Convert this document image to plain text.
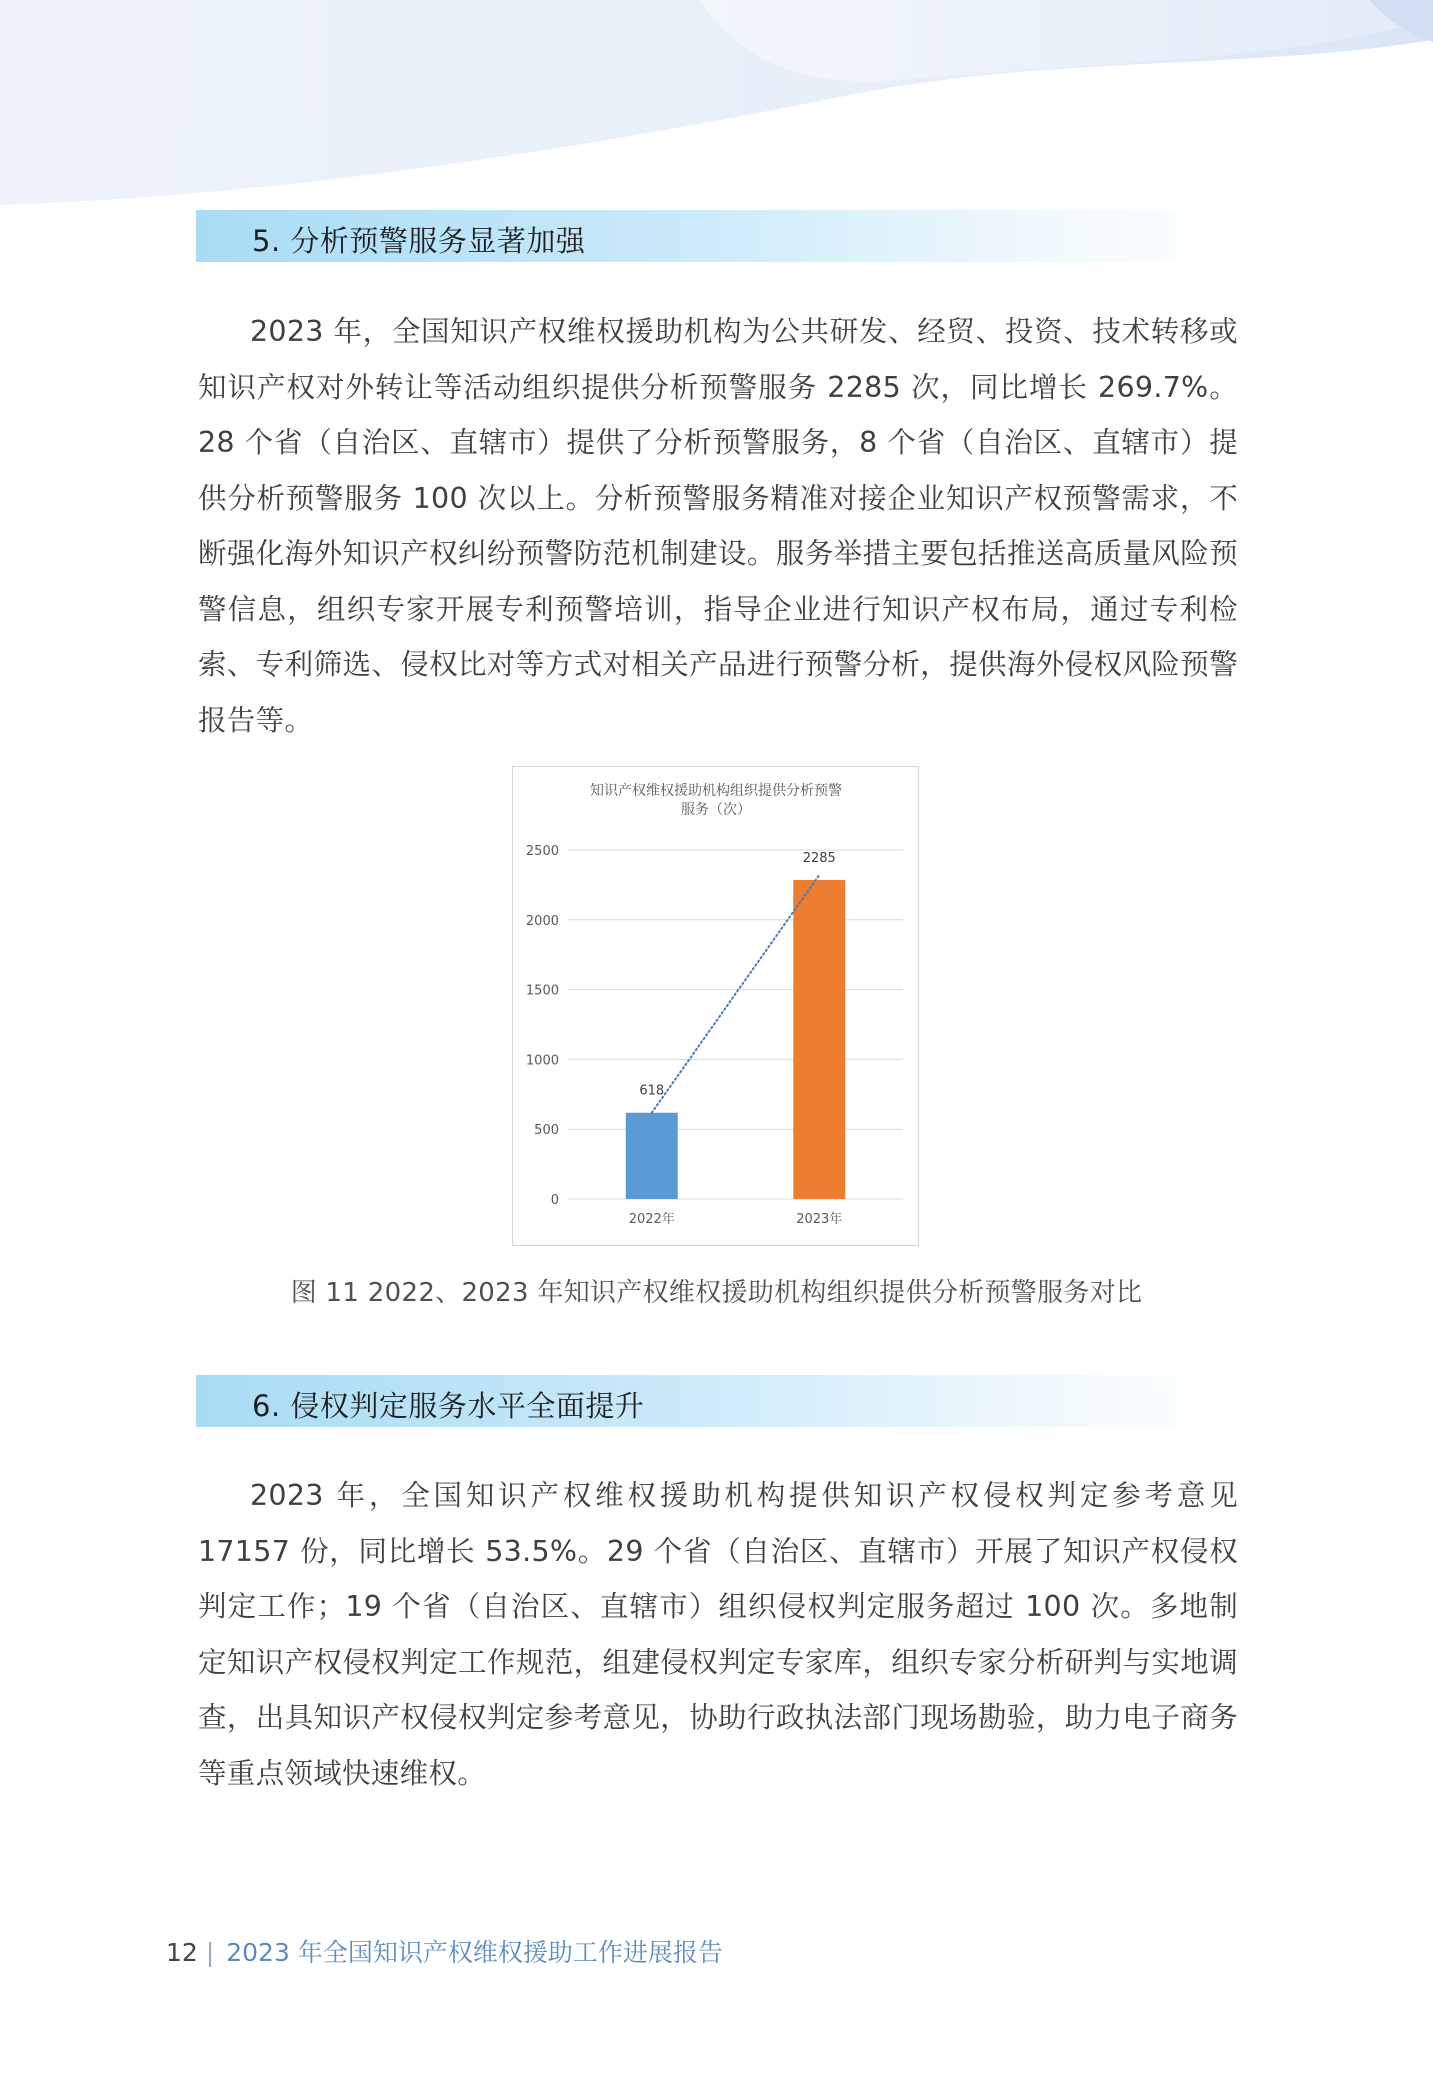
5. 分析预警服务显著加强

2023 年，全国知识产权维权援助机构为公共研发、经贸、投资、技术转移或知识产权对外转让等活动组织提供分析预警服务 2285 次，同比增长 269.7%。28 个省（自治区、直辖市）提供了分析预警服务，8 个省（自治区、直辖市）提供分析预警服务 100 次以上。分析预警服务精准对接企业知识产权预警需求，不断强化海外知识产权纠纷预警防范机制建设。服务举措主要包括推送高质量风险预警信息，组织专家开展专利预警培训，指导企业进行知识产权布局，通过专利检索、专利筛选、侵权比对等方式对相关产品进行预警分析，提供海外侵权风险预警报告等。

知识产权维权援助机构组织提供分析预警
服务（次）
0
500
1000
1500
2000
2500
618
2285
2022年	2023年
图 11 2022、2023 年知识产权维权援助机构组织提供分析预警服务对比
6. 侵权判定服务水平全面提升

2023 年，全国知识产权维权援助机构提供知识产权侵权判定参考意见 17157 份，同比增长 53.5%。29 个省（自治区、直辖市）开展了知识产权侵权判定工作；19 个省（自治区、直辖市）组织侵权判定服务超过 100 次。多地制定知识产权侵权判定工作规范，组建侵权判定专家库，组织专家分析研判与实地调查，出具知识产权侵权判定参考意见，协助行政执法部门现场勘验，助力电子商务等重点领域快速维权。

12 | 2023 年全国知识产权维权援助工作进展报告
